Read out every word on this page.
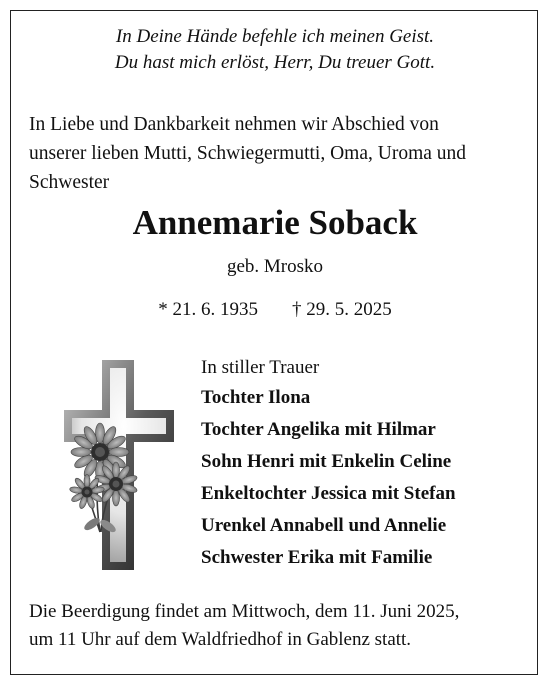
In Deine Hände befehle ich meinen Geist.
Du hast mich erlöst, Herr, Du treuer Gott.
In Liebe und Dankbarkeit nehmen wir Abschied von
unserer lieben Mutti, Schwiegermutti, Oma, Uroma und
Schwester
Annemarie Soback
geb. Mrosko
* 21. 6. 1935 † 29. 5. 2025
In stiller Trauer
Tochter Ilona
Tochter Angelika mit Hilmar
Sohn Henri mit Enkelin Celine
Enkeltochter Jessica mit Stefan
Urenkel Annabell und Annelie
Schwester Erika mit Familie
Die Beerdigung findet am Mittwoch, dem 11. Juni 2025,
um 11 Uhr auf dem Waldfriedhof in Gablenz statt.
